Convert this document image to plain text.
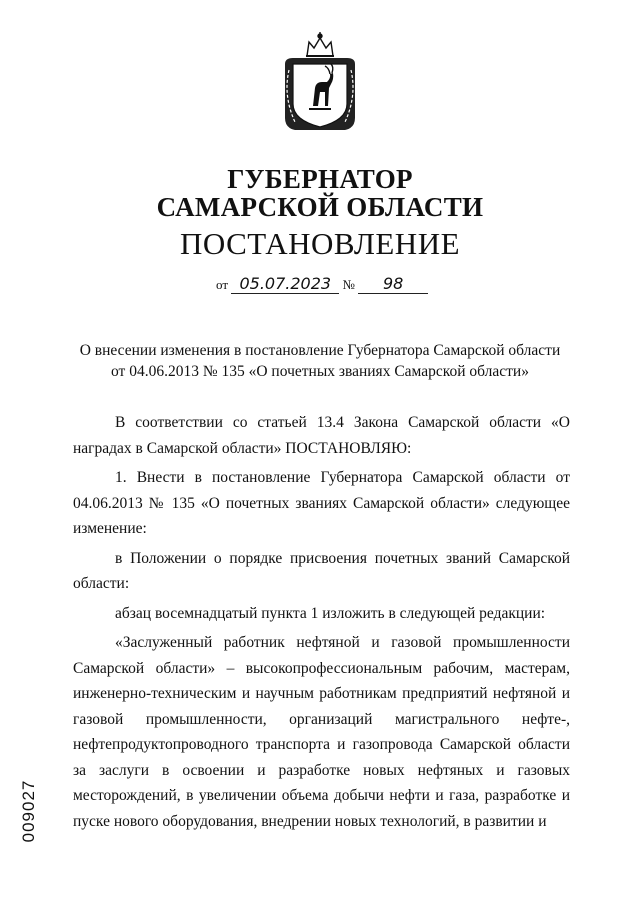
ГУБЕРНАТОР
САМАРСКОЙ ОБЛАСТИ
ПОСТАНОВЛЕНИЕ
от 05.07.2023 № 98
О внесении изменения в постановление Губернатора Самарской области
от 04.06.2013 № 135 «О почетных званиях Самарской области»

В соответствии со статьей 13.4 Закона Самарской области «О наградах в Самарской области» ПОСТАНОВЛЯЮ:

1. Внести в постановление Губернатора Самарской области от 04.06.2013 № 135 «О почетных званиях Самарской области» следующее изменение:

в Положении о порядке присвоения почетных званий Самарской области:

абзац восемнадцатый пункта 1 изложить в следующей редакции:

«Заслуженный работник нефтяной и газовой промышленности Самарской области» – высокопрофессиональным рабочим, мастерам, инженерно-техническим и научным работникам предприятий нефтяной и газовой промышленности, организаций магистрального нефте-, нефтепродуктопроводного транспорта и газопровода Самарской области за заслуги в освоении и разработке новых нефтяных и газовых месторождений, в увеличении объема добычи нефти и газа, разработке и пуске нового оборудования, внедрении новых технологий, в развитии и

009027
